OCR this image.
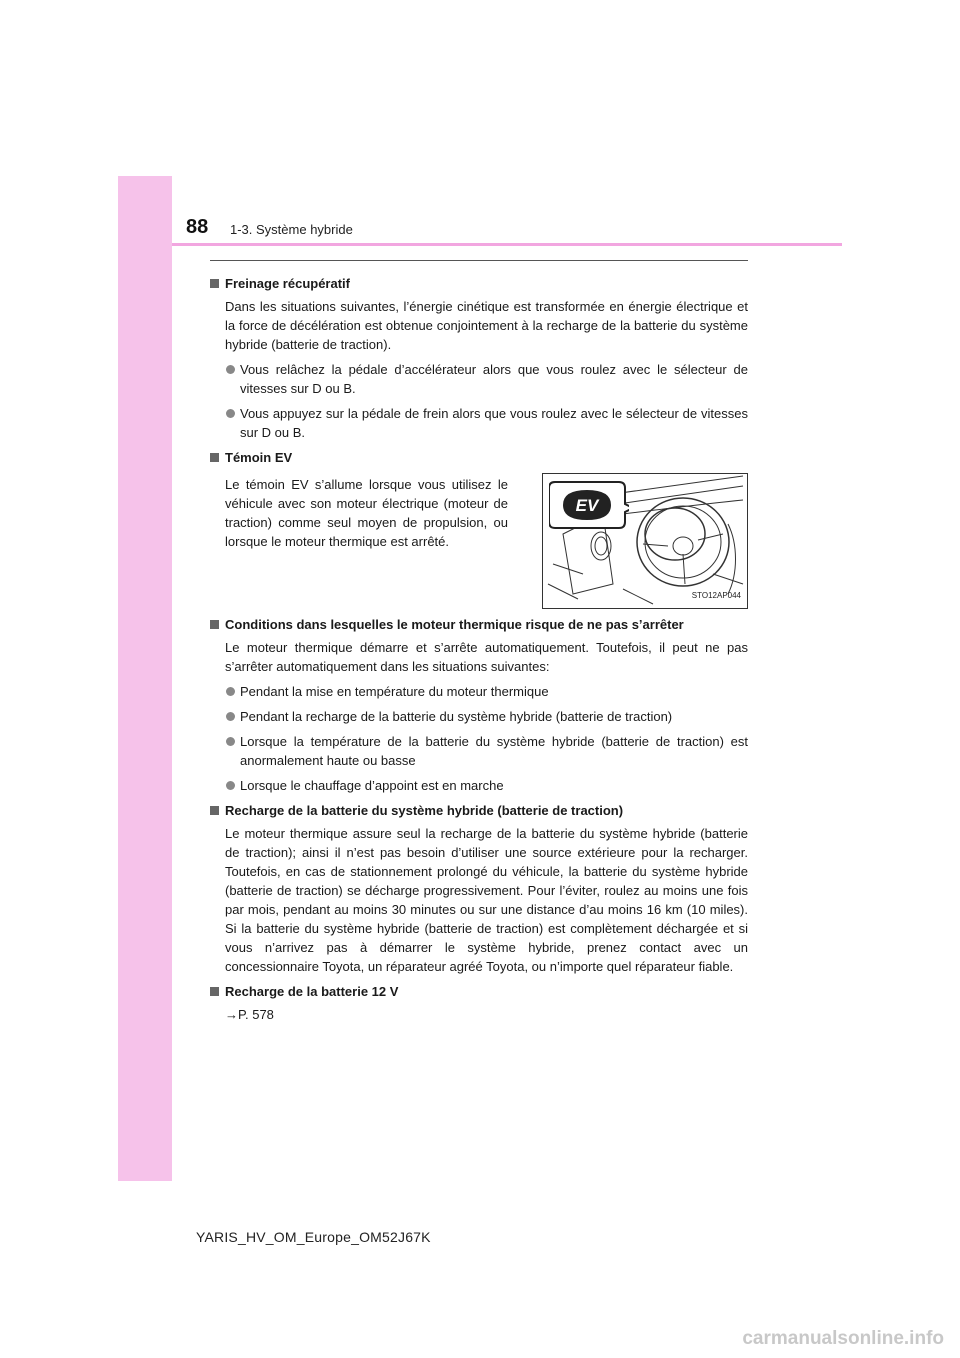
88 1-3. Système hybride

Freinage récupératif

Dans les situations suivantes, l’énergie cinétique est transformée en énergie électrique et la force de décélération est obtenue conjointement à la recharge de la batterie du système hybride (batterie de traction).

Vous relâchez la pédale d’accélérateur alors que vous roulez avec le sélecteur de vitesses sur D ou B.
Vous appuyez sur la pédale de frein alors que vous roulez avec le sélecteur de vitesses sur D ou B.

Témoin EV

Le témoin EV s’allume lorsque vous utilisez le véhicule avec son moteur électrique (moteur de traction) comme seul moyen de propulsion, ou lorsque le moteur thermique est arrêté.

EV
STO12AP044

Conditions dans lesquelles le moteur thermique risque de ne pas s’arrêter

Le moteur thermique démarre et s’arrête automatiquement. Toutefois, il peut ne pas s’arrêter automatiquement dans les situations suivantes:

Pendant la mise en température du moteur thermique
Pendant la recharge de la batterie du système hybride (batterie de traction)
Lorsque la température de la batterie du système hybride (batterie de traction) est anormalement haute ou basse
Lorsque le chauffage d’appoint est en marche

Recharge de la batterie du système hybride (batterie de traction)

Le moteur thermique assure seul la recharge de la batterie du système hybride (batterie de traction); ainsi il n’est pas besoin d’utiliser une source extérieure pour la recharger. Toutefois, en cas de stationnement prolongé du véhicule, la batterie du système hybride (batterie de traction) se décharge progressivement. Pour l’éviter, roulez au moins une fois par mois, pendant au moins 30 minutes ou sur une distance d’au moins 16 km (10 miles). Si la batterie du système hybride (batterie de traction) est complètement déchargée et si vous n’arrivez pas à démarrer le système hybride, prenez contact avec un concessionnaire Toyota, un réparateur agréé Toyota, ou n’importe quel réparateur fiable.

Recharge de la batterie 12 V

→P. 578

YARIS_HV_OM_Europe_OM52J67K
carmanualsonline.info
